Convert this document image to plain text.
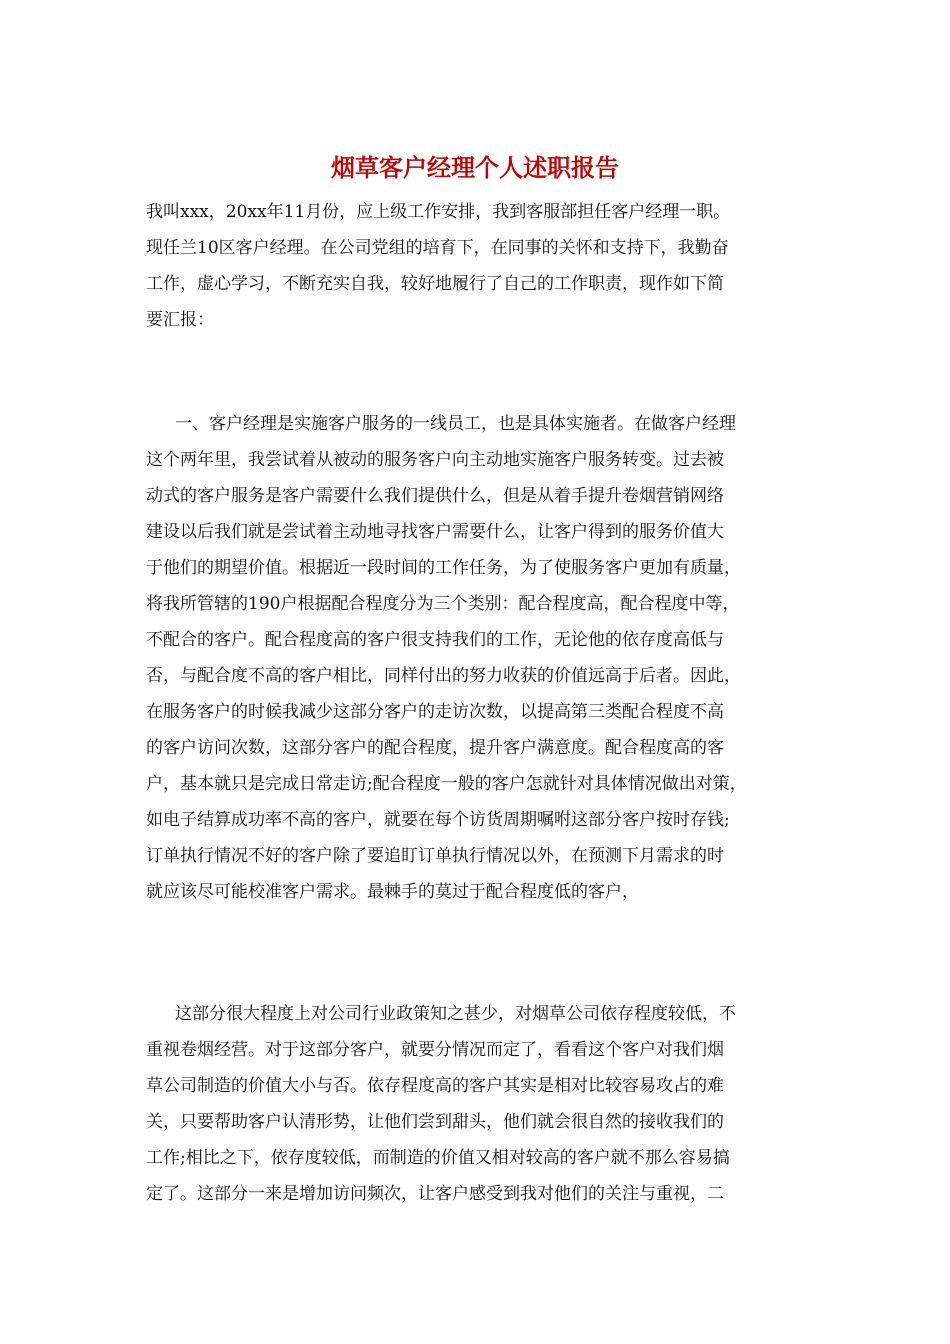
烟草客户经理个人述职报告
我叫xxx，20xx年11月份，应上级工作安排，我到客服部担任客户经理一职。
现任兰10区客户经理。在公司党组的培育下，在同事的关怀和支持下，我勤奋
工作，虚心学习，不断充实自我，较好地履行了自己的工作职责，现作如下简
要汇报：
一、客户经理是实施客户服务的一线员工，也是具体实施者。在做客户经理
这个两年里，我尝试着从被动的服务客户向主动地实施客户服务转变。过去被
动式的客户服务是客户需要什么我们提供什么，但是从着手提升卷烟营销网络
建设以后我们就是尝试着主动地寻找客户需要什么，让客户得到的服务价值大
于他们的期望价值。根据近一段时间的工作任务，为了使服务客户更加有质量，
将我所管辖的190户根据配合程度分为三个类别：配合程度高，配合程度中等，
不配合的客户。配合程度高的客户很支持我们的工作，无论他的依存度高低与
否，与配合度不高的客户相比，同样付出的努力收获的价值远高于后者。因此，
在服务客户的时候我减少这部分客户的走访次数，以提高第三类配合程度不高
的客户访问次数，这部分客户的配合程度，提升客户满意度。配合程度高的客
户，基本就只是完成日常走访;配合程度一般的客户怎就针对具体情况做出对策，
如电子结算成功率不高的客户，就要在每个访货周期嘱咐这部分客户按时存钱;
订单执行情况不好的客户除了要追盯订单执行情况以外，在预测下月需求的时
就应该尽可能校准客户需求。最棘手的莫过于配合程度低的客户，
这部分很大程度上对公司行业政策知之甚少，对烟草公司依存程度较低，不
重视卷烟经营。对于这部分客户，就要分情况而定了，看看这个客户对我们烟
草公司制造的价值大小与否。依存程度高的客户其实是相对比较容易攻占的难
关，只要帮助客户认清形势，让他们尝到甜头，他们就会很自然的接收我们的
工作;相比之下，依存度较低，而制造的价值又相对较高的客户就不那么容易搞
定了。这部分一来是增加访问频次，让客户感受到我对他们的关注与重视，二
